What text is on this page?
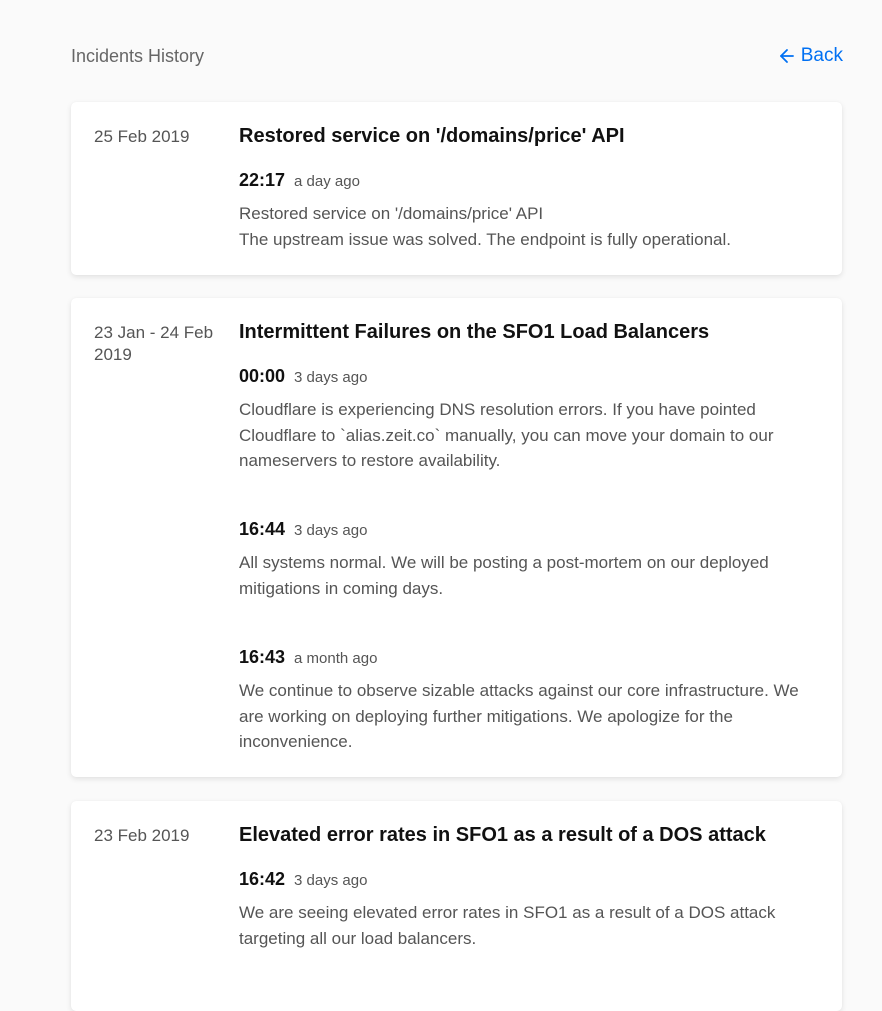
Incidents History	Back
25 Feb 2019	Restored service on '/domains/price' API
22:17 a day ago
Restored service on '/domains/price' API
The upstream issue was solved. The endpoint is fully operational.
23 Jan - 24 Feb 2019
Intermittent Failures on the SFO1 Load Balancers
00:00 3 days ago
Cloudflare is experiencing DNS resolution errors. If you have pointed Cloudflare to `alias.zeit.co` manually, you can move your domain to our nameservers to restore availability.
16:44 3 days ago
All systems normal. We will be posting a post-mortem on our deployed mitigations in coming days.
16:43 a month ago
We continue to observe sizable attacks against our core infrastructure. We are working on deploying further mitigations. We apologize for the inconvenience.
23 Feb 2019	Elevated error rates in SFO1 as a result of a DOS attack
16:42 3 days ago
We are seeing elevated error rates in SFO1 as a result of a DOS attack targeting all our load balancers.
